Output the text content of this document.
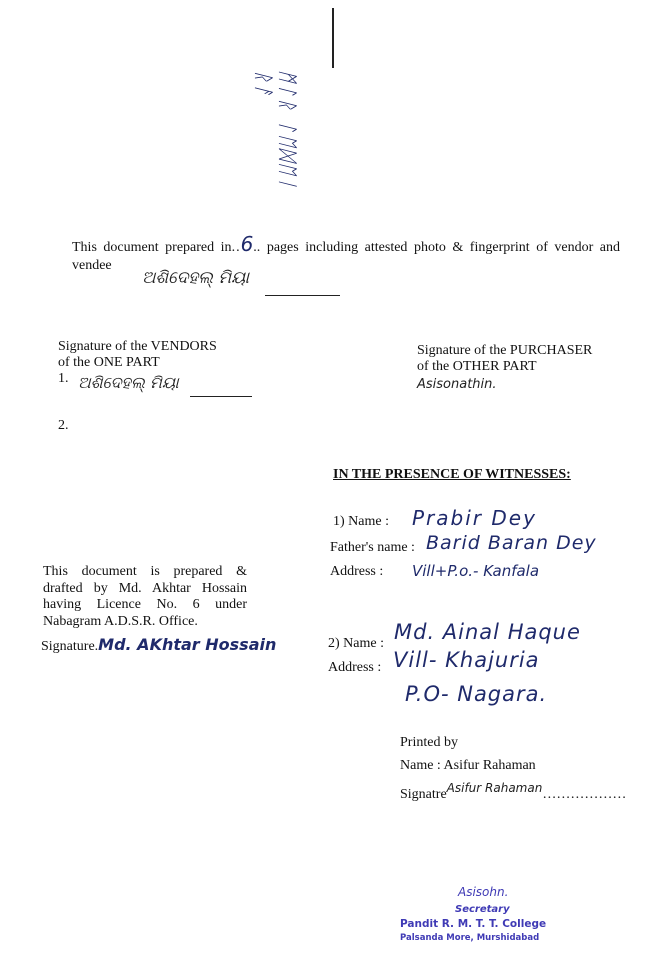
ᛗᛚᚱ ᛚᛖᛞᛖᛁ ᚱᚨ
This document prepared in..6.. pages including attested photo & fingerprint of vendor and
vendee
ଅଶିଦେହଲ୍ ମିୟା
Signature of the VENDORS
of the ONE PART
1. ଅଶିଦେହଲ୍ ମିୟା
2.
Signature of the PURCHASER
of the OTHER PART
Asisonathin.
IN THE PRESENCE OF WITNESSES:
1) Name : Prabir Dey
Father's name : Barid Baran Dey
Address : Vill+P.o.- Kanfala
This document is prepared &
drafted by Md. Akhtar Hossain
having Licence No. 6 under
Nabagram A.D.S.R. Office.
Signature.Md. AKhtar Hossain	2) Name : Md. Ainal Haque
Address : Vill- Khajuria
P.O- Nagara.
Printed by
Name : Asifur Rahaman
SignatreAsifur Rahaman………………
Asisohn.
Secretary
Pandit R. M. T. T. College
Palsanda More, Murshidabad
